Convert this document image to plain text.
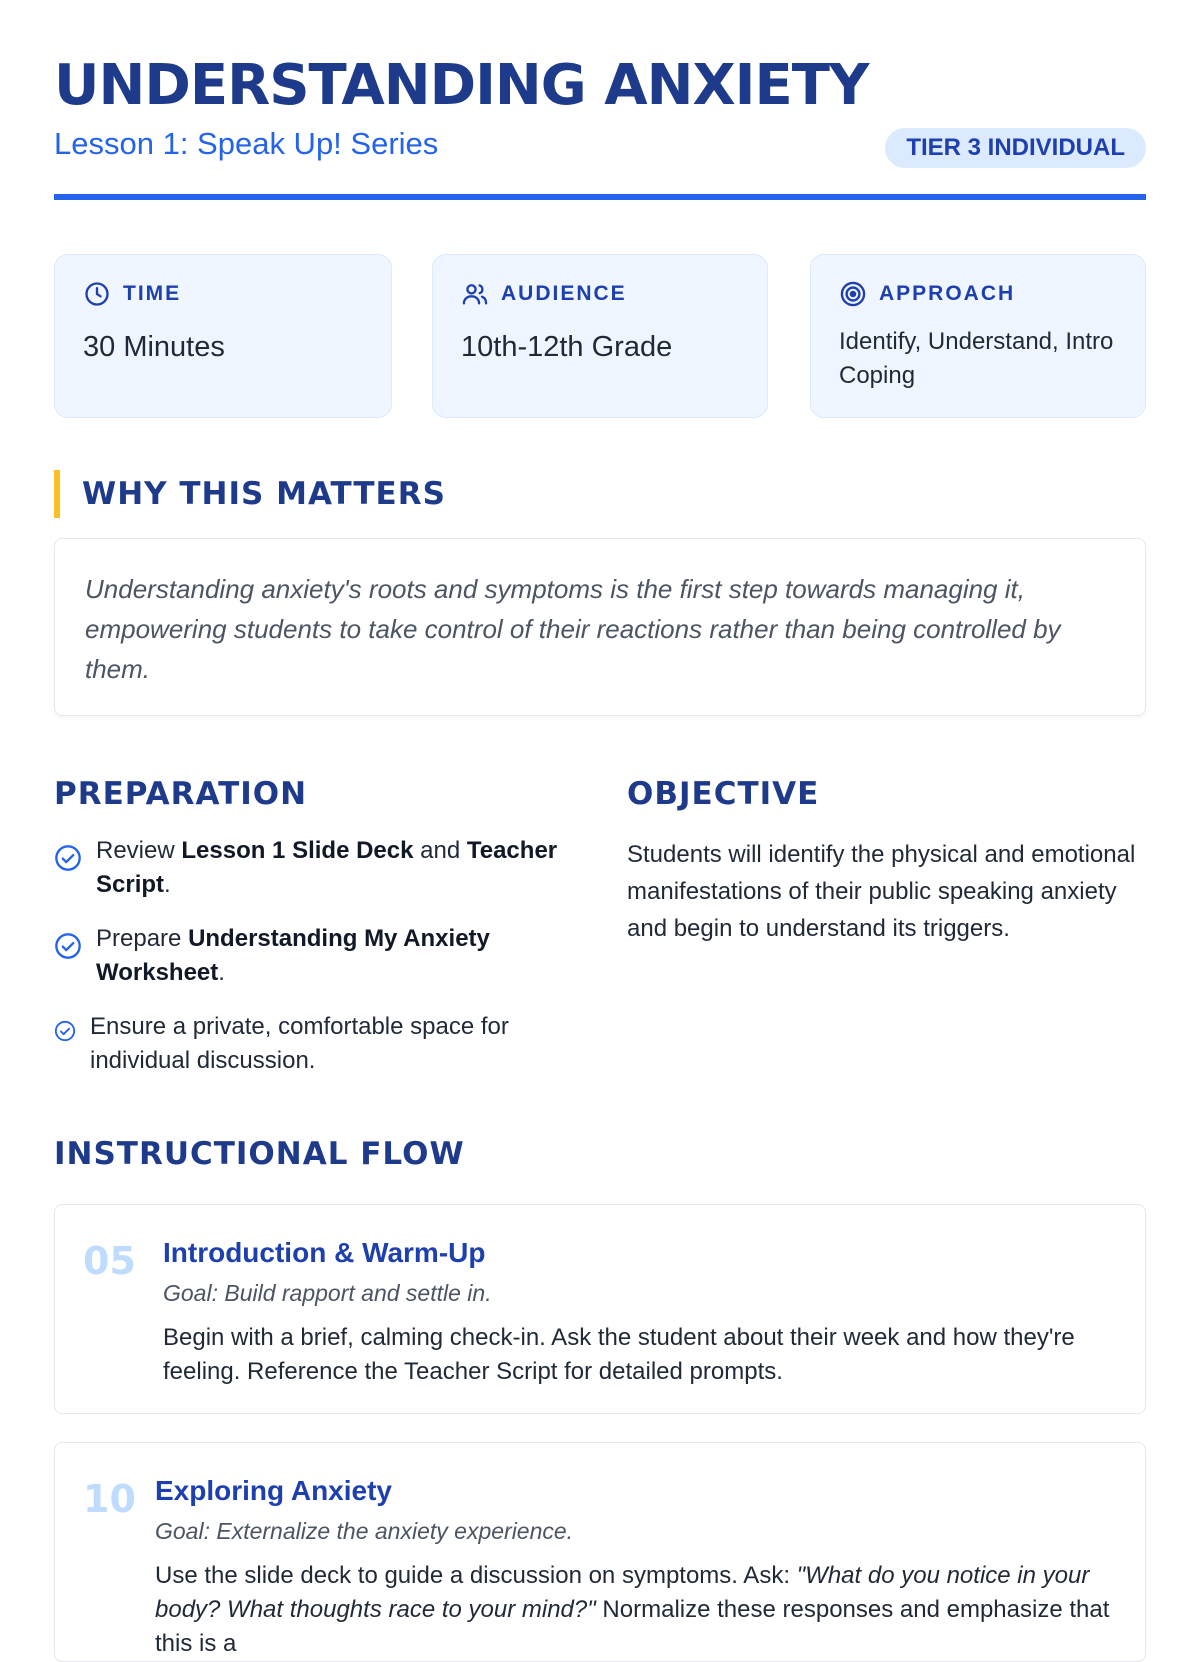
UNDERSTANDING ANXIETY
Lesson 1: Speak Up! Series	TIER 3 INDIVIDUAL
TIME
30 Minutes
AUDIENCE
10th-12th Grade
APPROACH
Identify, Understand, Intro Coping
WHY THIS MATTERS

Understanding anxiety's roots and symptoms is the first step towards managing it, empowering students to take control of their reactions rather than being controlled by them.

PREPARATION
Review Lesson 1 Slide Deck and Teacher Script.
Prepare Understanding My Anxiety Worksheet.
Ensure a private, comfortable space for individual discussion.
OBJECTIVE

Students will identify the physical and emotional manifestations of their public speaking anxiety and begin to understand its triggers.

INSTRUCTIONAL FLOW
05 Introduction & Warm-Up
Goal: Build rapport and settle in.
Begin with a brief, calming check-in. Ask the student about their week and how they're feeling. Reference the Teacher Script for detailed prompts.
10 Exploring Anxiety
Goal: Externalize the anxiety experience.
Use the slide deck to guide a discussion on symptoms. Ask: "What do you notice in your body? What thoughts race to your mind?" Normalize these responses and emphasize that this is a
